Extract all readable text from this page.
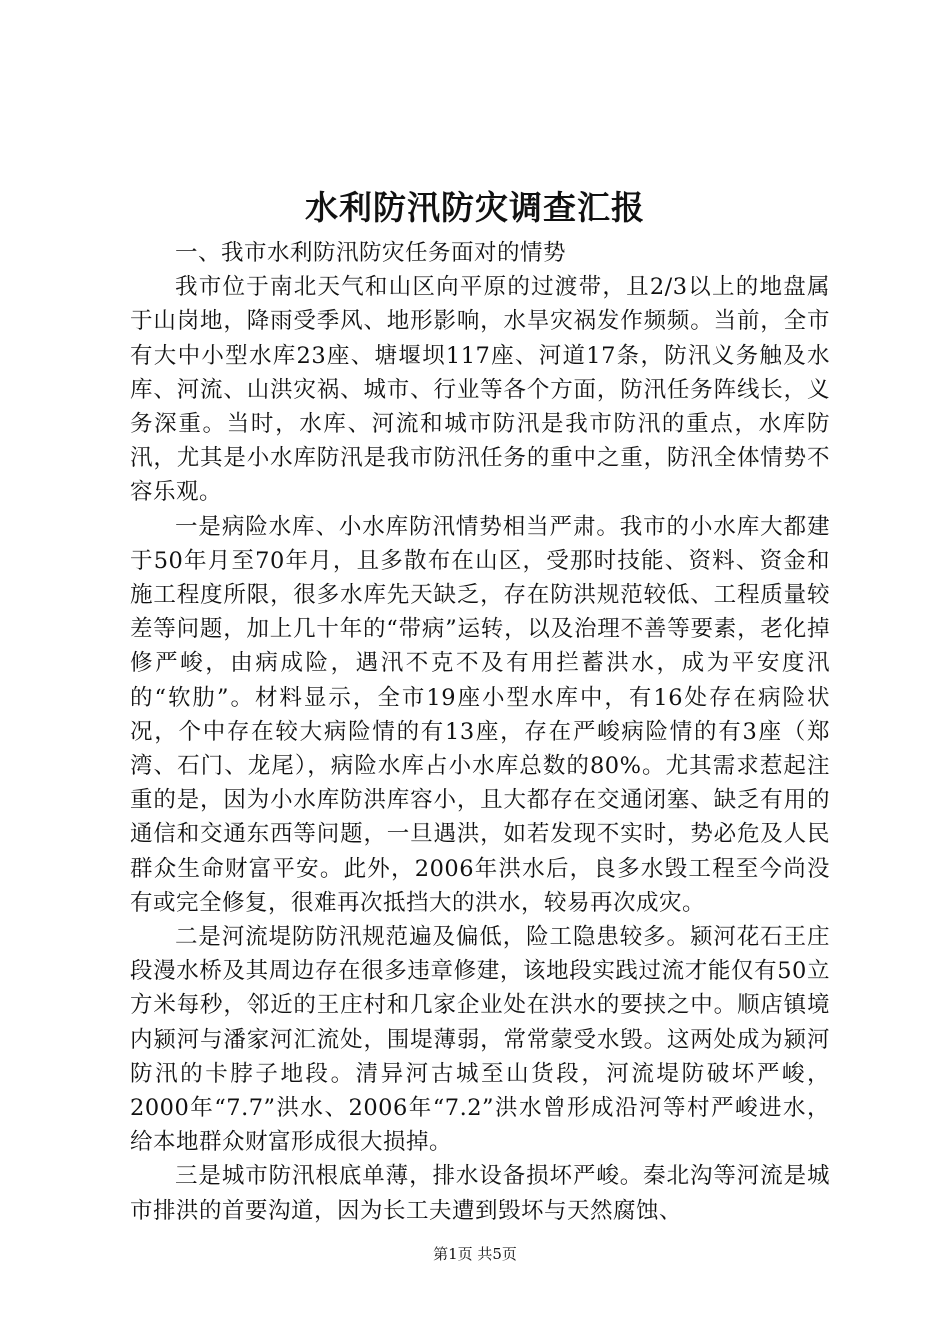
水利防汛防灾调查汇报

一、我市水利防汛防灾任务面对的情势

我市位于南北天气和山区向平原的过渡带，且2/3以上的地盘属于山岗地，降雨受季风、地形影响，水旱灾祸发作频频。当前，全市有大中小型水库23座、塘堰坝117座、河道17条，防汛义务触及水库、河流、山洪灾祸、城市、行业等各个方面，防汛任务阵线长，义务深重。当时，水库、河流和城市防汛是我市防汛的重点，水库防汛，尤其是小水库防汛是我市防汛任务的重中之重，防汛全体情势不容乐观。

一是病险水库、小水库防汛情势相当严肃。我市的小水库大都建于50年月至70年月，且多散布在山区，受那时技能、资料、资金和施工程度所限，很多水库先天缺乏，存在防洪规范较低、工程质量较差等问题，加上几十年的“带病”运转，以及治理不善等要素，老化掉修严峻，由病成险，遇汛不克不及有用拦蓄洪水，成为平安度汛的“软肋”。材料显示，全市19座小型水库中，有16处存在病险状况，个中存在较大病险情的有13座，存在严峻病险情的有3座（郑湾、石门、龙尾），病险水库占小水库总数的80%。尤其需求惹起注重的是，因为小水库防洪库容小，且大都存在交通闭塞、缺乏有用的通信和交通东西等问题，一旦遇洪，如若发现不实时，势必危及人民群众生命财富平安。此外，2006年洪水后，良多水毁工程至今尚没有或完全修复，很难再次抵挡大的洪水，较易再次成灾。

二是河流堤防防汛规范遍及偏低，险工隐患较多。颍河花石王庄段漫水桥及其周边存在很多违章修建，该地段实践过流才能仅有50立方米每秒，邻近的王庄村和几家企业处在洪水的要挟之中。顺店镇境内颍河与潘家河汇流处，围堤薄弱，常常蒙受水毁。这两处成为颍河防汛的卡脖子地段。清异河古城至山货段，河流堤防破坏严峻，2000年“7.7”洪水、2006年“7.2”洪水曾形成沿河等村严峻进水，给本地群众财富形成很大损掉。

三是城市防汛根底单薄，排水设备损坏严峻。秦北沟等河流是城市排洪的首要沟道，因为长工夫遭到毁坏与天然腐蚀、

第1页 共5页
